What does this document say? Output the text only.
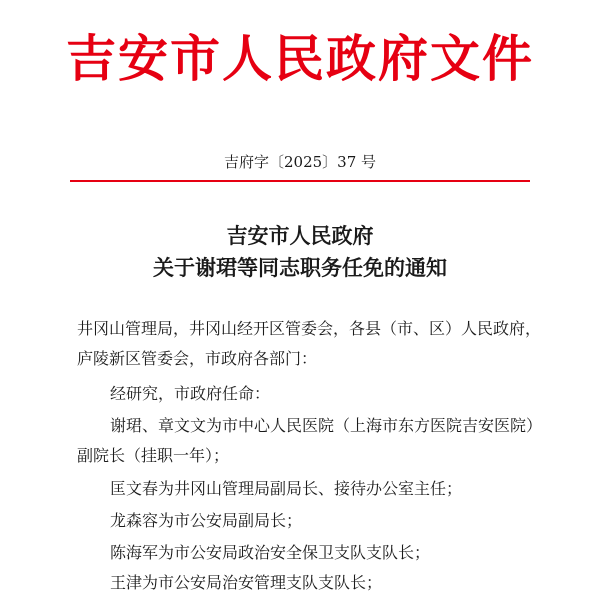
吉安市人民政府文件
吉府字〔2025〕37 号
吉安市人民政府
关于谢珺等同志职务任免的通知
井冈山管理局，井冈山经开区管委会，各县（市、区）人民政府，
庐陵新区管委会，市政府各部门：
经研究，市政府任命：
谢珺、章文文为市中心人民医院（上海市东方医院吉安医院）
副院长（挂职一年）；
匡文春为井冈山管理局副局长、接待办公室主任；
龙森容为市公安局副局长；
陈海军为市公安局政治安全保卫支队支队长；
王津为市公安局治安管理支队支队长；
